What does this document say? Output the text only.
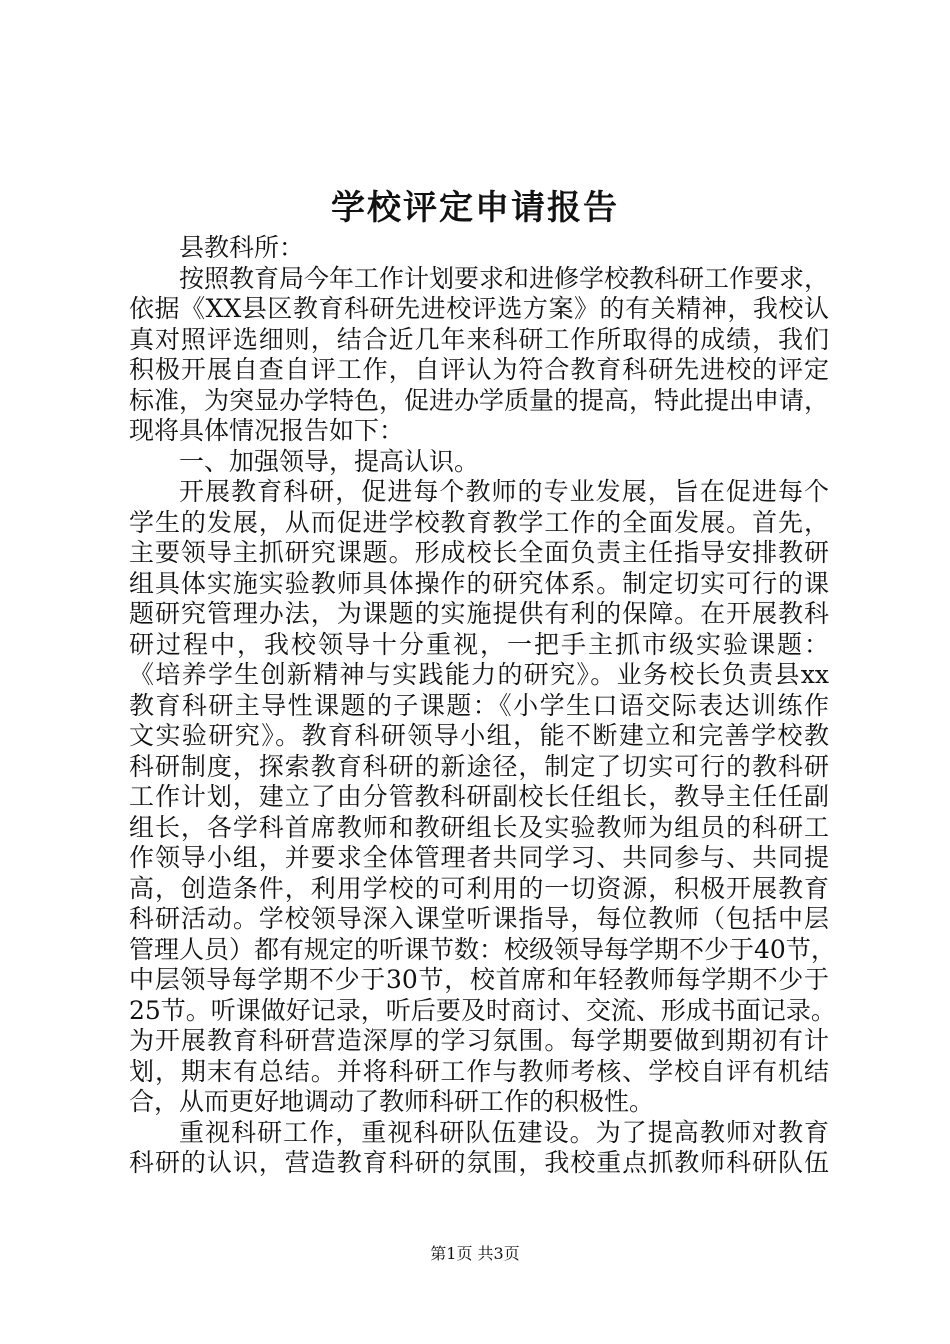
学校评定申请报告
县教科所：
按照教育局今年工作计划要求和进修学校教科研工作要求，
依据《XX县区教育科研先进校评选方案》的有关精神，我校认
真对照评选细则，结合近几年来科研工作所取得的成绩，我们
积极开展自查自评工作，自评认为符合教育科研先进校的评定
标准，为突显办学特色，促进办学质量的提高，特此提出申请，
现将具体情况报告如下：
一、加强领导，提高认识。
开展教育科研，促进每个教师的专业发展，旨在促进每个
学生的发展，从而促进学校教育教学工作的全面发展。首先，
主要领导主抓研究课题。形成校长全面负责主任指导安排教研
组具体实施实验教师具体操作的研究体系。制定切实可行的课
题研究管理办法，为课题的实施提供有利的保障。在开展教科
研过程中，我校领导十分重视，一把手主抓市级实验课题：
《培养学生创新精神与实践能力的研究》。业务校长负责县xx
教育科研主导性课题的子课题：《小学生口语交际表达训练作
文实验研究》。教育科研领导小组，能不断建立和完善学校教
科研制度，探索教育科研的新途径，制定了切实可行的教科研
工作计划，建立了由分管教科研副校长任组长，教导主任任副
组长，各学科首席教师和教研组长及实验教师为组员的科研工
作领导小组，并要求全体管理者共同学习、共同参与、共同提
高，创造条件，利用学校的可利用的一切资源，积极开展教育
科研活动。学校领导深入课堂听课指导，每位教师（包括中层
管理人员）都有规定的听课节数：校级领导每学期不少于40节，
中层领导每学期不少于30节，校首席和年轻教师每学期不少于
25节。听课做好记录，听后要及时商讨、交流、形成书面记录。
为开展教育科研营造深厚的学习氛围。每学期要做到期初有计
划，期末有总结。并将科研工作与教师考核、学校自评有机结
合，从而更好地调动了教师科研工作的积极性。
重视科研工作，重视科研队伍建设。为了提高教师对教育
科研的认识，营造教育科研的氛围，我校重点抓教师科研队伍
第1页 共3页
